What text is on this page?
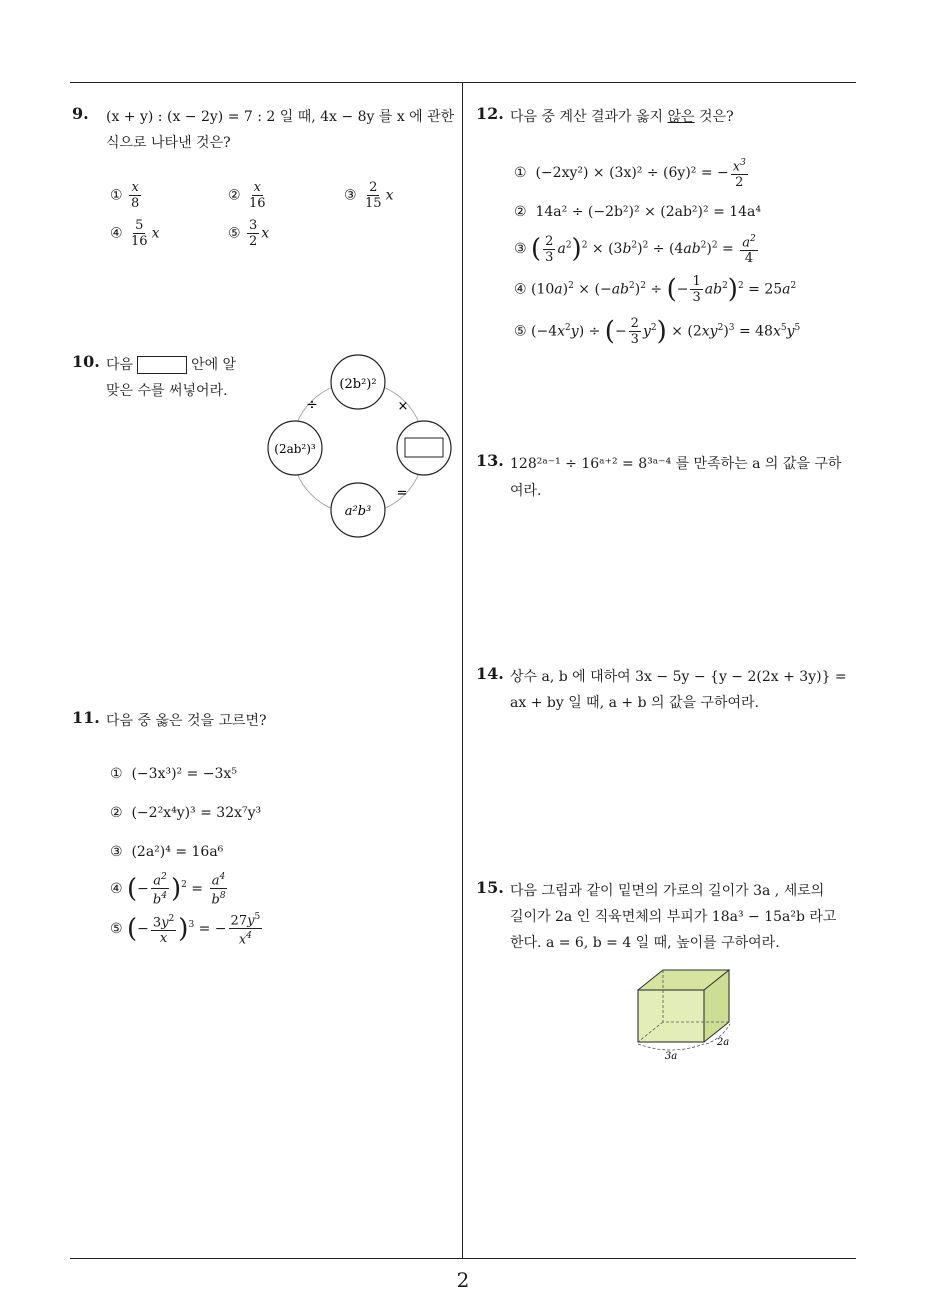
2
9. (x + y) : (x − 2y) = 7 : 2 일 때, 4x − 8y 를 x 에 관한
식으로 나타낸 것은?
① $\frac{x}{8}$	② $\frac{x}{16}$	③ $\frac{2}{15}$ x
④ $\frac{5}{16}$ x	⑤ $\frac{3}{2}$ x
10. 다음	안에 알
맞은 수를 써넣어라.	(2b²)²
(2ab²)³
a²b³
÷	×
=
11. 다음 중 옳은 것을 고르면?
① (−3x³)² = −3x⁵
② (−2²x⁴y)³ = 32x⁷y³
③ (2a²)⁴ = 16a⁶
④ (− $\frac{a^2}{b^4} )^2 = \frac{a^4}{b^8}$
⑤ (− $\frac{3y^2}{x} )^3$ = − $\frac{27y^5}{x^4}$
12. 다음 중 계산 결과가 옳지 않은 것은?
① (−2xy²) × (3x)² ÷ (6y)² = − $\frac{x^3}{2}$
② 14a² ÷ (−2b²)² × (2ab²)² = 14a⁴
③ ( $\frac{2}{3} a^2)^2 \times (3b^2)^2 \div (4ab^2)^2 = \frac{a^2}{4}$
④ $(10a)^2 \times (-ab^2)^2$ ÷ (− $\frac{1}{3} ab^2)^2 = 25a^2$
⑤ $(-4x^2y)$ ÷ (− $\frac{2}{3} y^2) \times (2xy^2)^3 = 48x^5y^5$
13. 128²ᵃ⁻¹ ÷ 16ᵃ⁺² = 8³ᵃ⁻⁴ 를 만족하는 a 의 값을 구하
여라.
14. 상수 a, b 에 대하여 3x − 5y − {y − 2(2x + 3y)} =
ax + by 일 때, a + b 의 값을 구하여라.
15. 다음 그림과 같이 밑면의 가로의 길이가 3a , 세로의
길이가 2a 인 직육면체의 부피가 18a³ − 15a²b 라고
한다. a = 6, b = 4 일 때, 높이를 구하여라.
3a
2a
